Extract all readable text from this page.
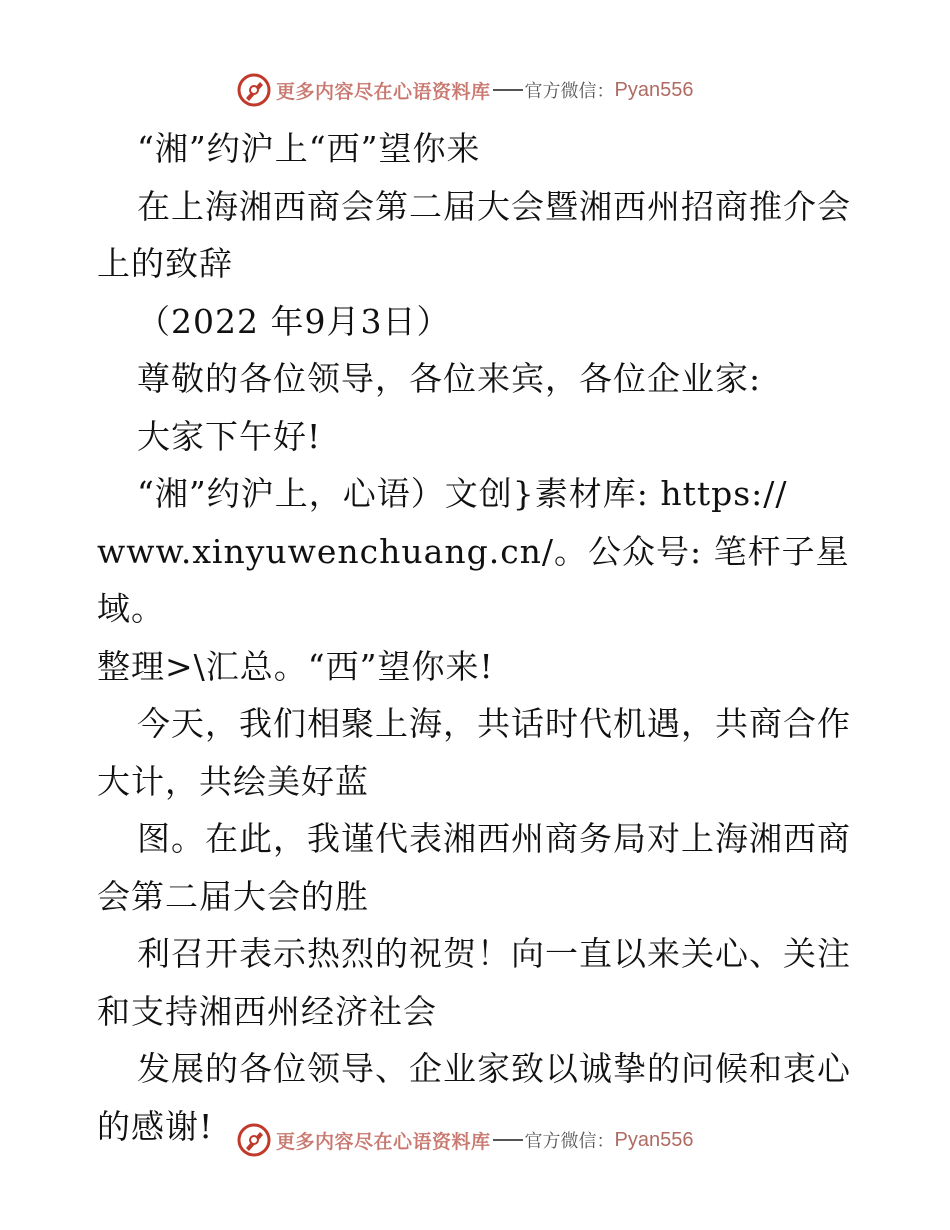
更多内容尽在心语资料库 官方微信： Pyan556

“湘”约沪上“西”望你来

在上海湘西商会第二届大会暨湘西州招商推介会

上的致辞

（2022 年9月3日）

尊敬的各位领导，各位来宾，各位企业家:

大家下午好!

“湘”约沪上，心语）文创}素材库: https://

www.xinyuwenchuang.cn/。公众号: 笔杆子星域。

整理>\汇总。“西”望你来!

今天，我们相聚上海，共话时代机遇，共商合作

大计，共绘美好蓝

图。在此，我谨代表湘西州商务局对上海湘西商

会第二届大会的胜

利召开表示热烈的祝贺！向一直以来关心、关注

和支持湘西州经济社会

发展的各位领导、企业家致以诚挚的问候和衷心

的感谢!	更多内容尽在心语资料库 官方微信： Pyan556
